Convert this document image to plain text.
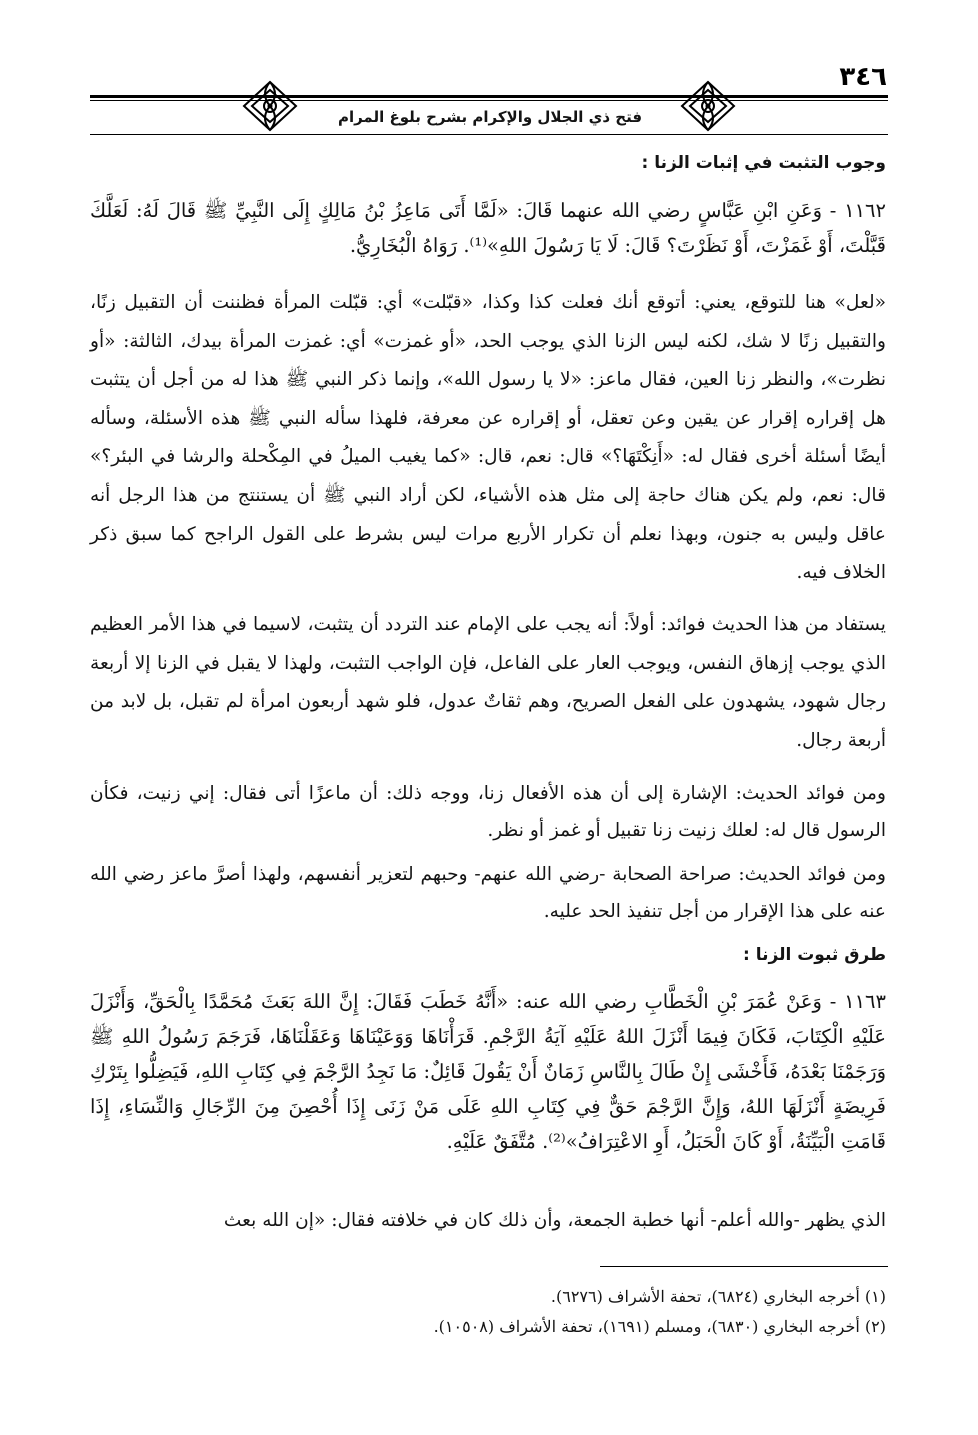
٣٤٦
فتح ذي الجلال والإكرام بشرح بلوغ المرام
وجوب التثبت في إثبات الزنا :
١١٦٢ - وَعَنِ ابْنِ عَبَّاسٍ رضي الله عنهما قَالَ: «لَمَّا أَتَى مَاعِزُ بْنُ مَالِكٍ إِلَى النَّبِيِّ ﷺ قَالَ لَهُ: لَعَلَّكَ قَبَّلْتَ، أَوْ غَمَزْتَ، أَوْ نَظَرْتَ؟ قَالَ: لَا يَا رَسُولَ اللهِ»⁽¹⁾. رَوَاهُ الْبُخَارِيُّ.
«لعل» هنا للتوقع، يعني: أتوقع أنك فعلت كذا وكذا، «قبّلت» أي: قبّلت المرأة فظننت أن التقبيل زنًا، والتقبيل زنًا لا شك، لكنه ليس الزنا الذي يوجب الحد، «أو غمزت» أي: غمزت المرأة بيدك، الثالثة: «أو نظرت»، والنظر زنا العين، فقال ماعز: «لا يا رسول الله»، وإنما ذكر النبي ﷺ هذا له من أجل أن يتثبت هل إقراره إقرار عن يقين وعن تعقل، أو إقراره عن معرفة، فلهذا سأله النبي ﷺ هذه الأسئلة، وسأله أيضًا أسئلة أخرى فقال له: «أَنِكْتَهَا؟» قال: نعم، قال: «كما يغيب الميلُ في المِكْحلة والرشا في البئر؟» قال: نعم، ولم يكن هناك حاجة إلى مثل هذه الأشياء، لكن أراد النبي ﷺ أن يستنتج من هذا الرجل أنه عاقل وليس به جنون، وبهذا نعلم أن تكرار الأربع مرات ليس بشرط على القول الراجح كما سبق ذكر الخلاف فيه.
يستفاد من هذا الحديث فوائد: أولاً: أنه يجب على الإمام عند التردد أن يتثبت، لاسيما في هذا الأمر العظيم الذي يوجب إزهاق النفس، ويوجب العار على الفاعل، فإن الواجب التثبت، ولهذا لا يقبل في الزنا إلا أربعة رجال شهود، يشهدون على الفعل الصريح، وهم ثقاتٌ عدول، فلو شهد أربعون امرأة لم تقبل، بل لابد من أربعة رجال.
ومن فوائد الحديث: الإشارة إلى أن هذه الأفعال زنا، ووجه ذلك: أن ماعزًا أتى فقال: إني زنيت، فكأن الرسول قال له: لعلك زنيت زنا تقبيل أو غمز أو نظر.
ومن فوائد الحديث: صراحة الصحابة -رضي الله عنهم- وحبهم لتعزير أنفسهم، ولهذا أصرَّ ماعز رضي الله عنه على هذا الإقرار من أجل تنفيذ الحد عليه.
طرق ثبوت الزنا :
١١٦٣ - وَعَنْ عُمَرَ بْنِ الْخَطَّابِ رضي الله عنه: «أَنَّهُ خَطَبَ فَقَالَ: إِنَّ اللهَ بَعَثَ مُحَمَّدًا بِالْحَقِّ، وَأَنْزَلَ عَلَيْهِ الْكِتَابَ، فَكَانَ فِيمَا أَنْزَلَ اللهُ عَلَيْهِ آيَةُ الرَّجْمِ. قَرَأْنَاهَا وَوَعَيْنَاهَا وَعَقَلْنَاهَا، فَرَجَمَ رَسُولُ اللهِ ﷺ وَرَجَمْنَا بَعْدَهُ، فَأَخْشَى إِنْ طَالَ بِالنَّاسِ زَمَانٌ أَنْ يَقُولَ قَائِلٌ: مَا نَجِدُ الرَّجْمَ فِي كِتَابِ اللهِ، فَيَضِلُّوا بِتَرْكِ فَرِيضَةٍ أَنْزَلَهَا اللهُ، وَإِنَّ الرَّجْمَ حَقٌّ فِي كِتَابِ اللهِ عَلَى مَنْ زَنَى إِذَا أُحْصِنَ مِنَ الرِّجَالِ وَالنِّسَاءِ، إِذَا قَامَتِ الْبَيِّنَةُ، أَوْ كَانَ الْحَبَلُ، أَوِ الاعْتِرَافُ»⁽²⁾. مُتَّفَقٌ عَلَيْهِ.
الذي يظهر -والله أعلم- أنها خطبة الجمعة، وأن ذلك كان في خلافته فقال: «إن الله بعث
(١) أخرجه البخاري (٦٨٢٤)، تحفة الأشراف (٦٢٧٦).
(٢) أخرجه البخاري (٦٨٣٠)، ومسلم (١٦٩١)، تحفة الأشراف (١٠٥٠٨).
